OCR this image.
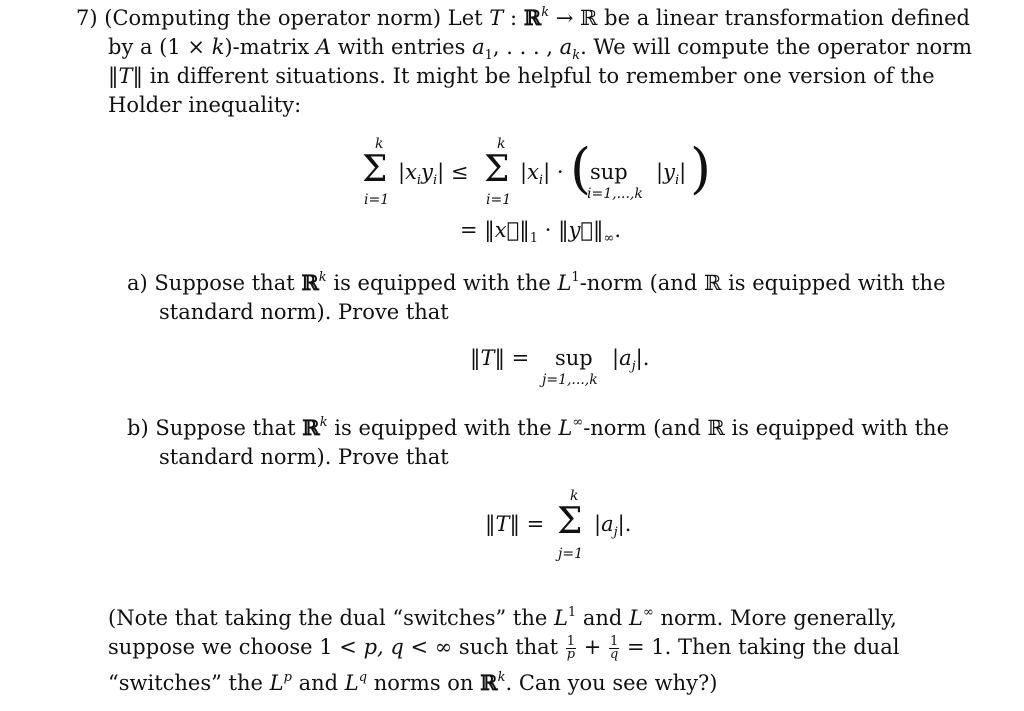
7) (Computing the operator norm) Let T : ℝ$^k$ → ℝ be a linear transformation defined
by a (1 × k)-matrix A with entries $a_1$, . . . , $a_k$. We will compute the operator norm
‖T‖ in different situations. It might be helpful to remember one version of the
Holder inequality:
k
Σ
i=1
$|x_iy_i|$ ≤
k
Σ
i=1
$|x_i|$ · (
sup
i=1,...,k
$|y_i|$ )
= $‖x⃗‖_1$ · $‖y⃗‖_\infty$.
a) Suppose that ℝ$^k$ is equipped with the $L^1$-norm (and ℝ is equipped with the
standard norm). Prove that
‖T‖ = sup
j=1,...,k
$|a_j|$.
b) Suppose that ℝ$^k$ is equipped with the L∞-norm (and ℝ is equipped with the
standard norm). Prove that
‖T‖ =
k
Σ
j=1
$|a_j|$.
(Note that taking the dual “switches” the $L^1$ and L∞ norm. More generally,
suppose we choose 1 < p, q < ∞ such that $\frac{1}{p} + \frac{1}{q} = 1$. Then taking the dual
“switches” the $L^p$ and $L^q$ norms on ℝ$^k$. Can you see why?)
